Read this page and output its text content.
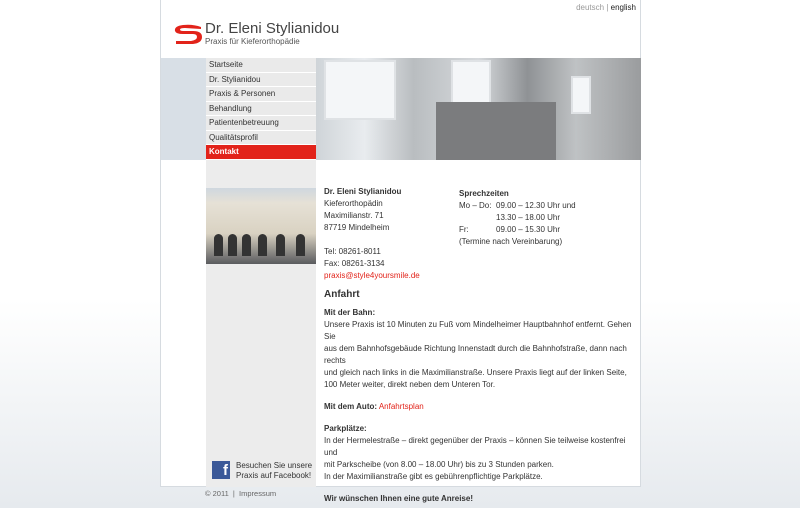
deutsch | english
Dr. Eleni Stylianidou
Praxis für Kieferorthopädie
Startseite
Dr. Stylianidou
Praxis & Personen
Behandlung
Patientenbetreuung
Qualitätsprofil
Kontakt
f Besuchen Sie unsere
Praxis auf Facebook!
Dr. Eleni Stylianidou
Kieferorthopädin
Maximilianstr. 71
87719 Mindelheim
Tel: 08261-8011
Fax: 08261-3134
praxis@style4yoursmile.de
Sprechzeiten
Mo – Do: 09.00 – 12.30 Uhr und
13.30 – 18.00 Uhr
Fr:	09.00 – 15.30 Uhr
(Termine nach Vereinbarung)
Anfahrt
Mit der Bahn:
Unsere Praxis ist 10 Minuten zu Fuß vom Mindelheimer Hauptbahnhof entfernt. Gehen Sie
aus dem Bahnhofsgebäude Richtung Innenstadt durch die Bahnhofstraße, dann nach rechts
und gleich nach links in die Maximilianstraße. Unsere Praxis liegt auf der linken Seite,
100 Meter weiter, direkt neben dem Unteren Tor.
Mit dem Auto: Anfahrtsplan
Parkplätze:
In der Hermelestraße – direkt gegenüber der Praxis – können Sie teilweise kostenfrei und
mit Parkscheibe (von 8.00 – 18.00 Uhr) bis zu 3 Stunden parken.
In der Maximilianstraße gibt es gebührenpflichtige Parkplätze.
Wir wünschen Ihnen eine gute Anreise!
© 2011 | Impressum
